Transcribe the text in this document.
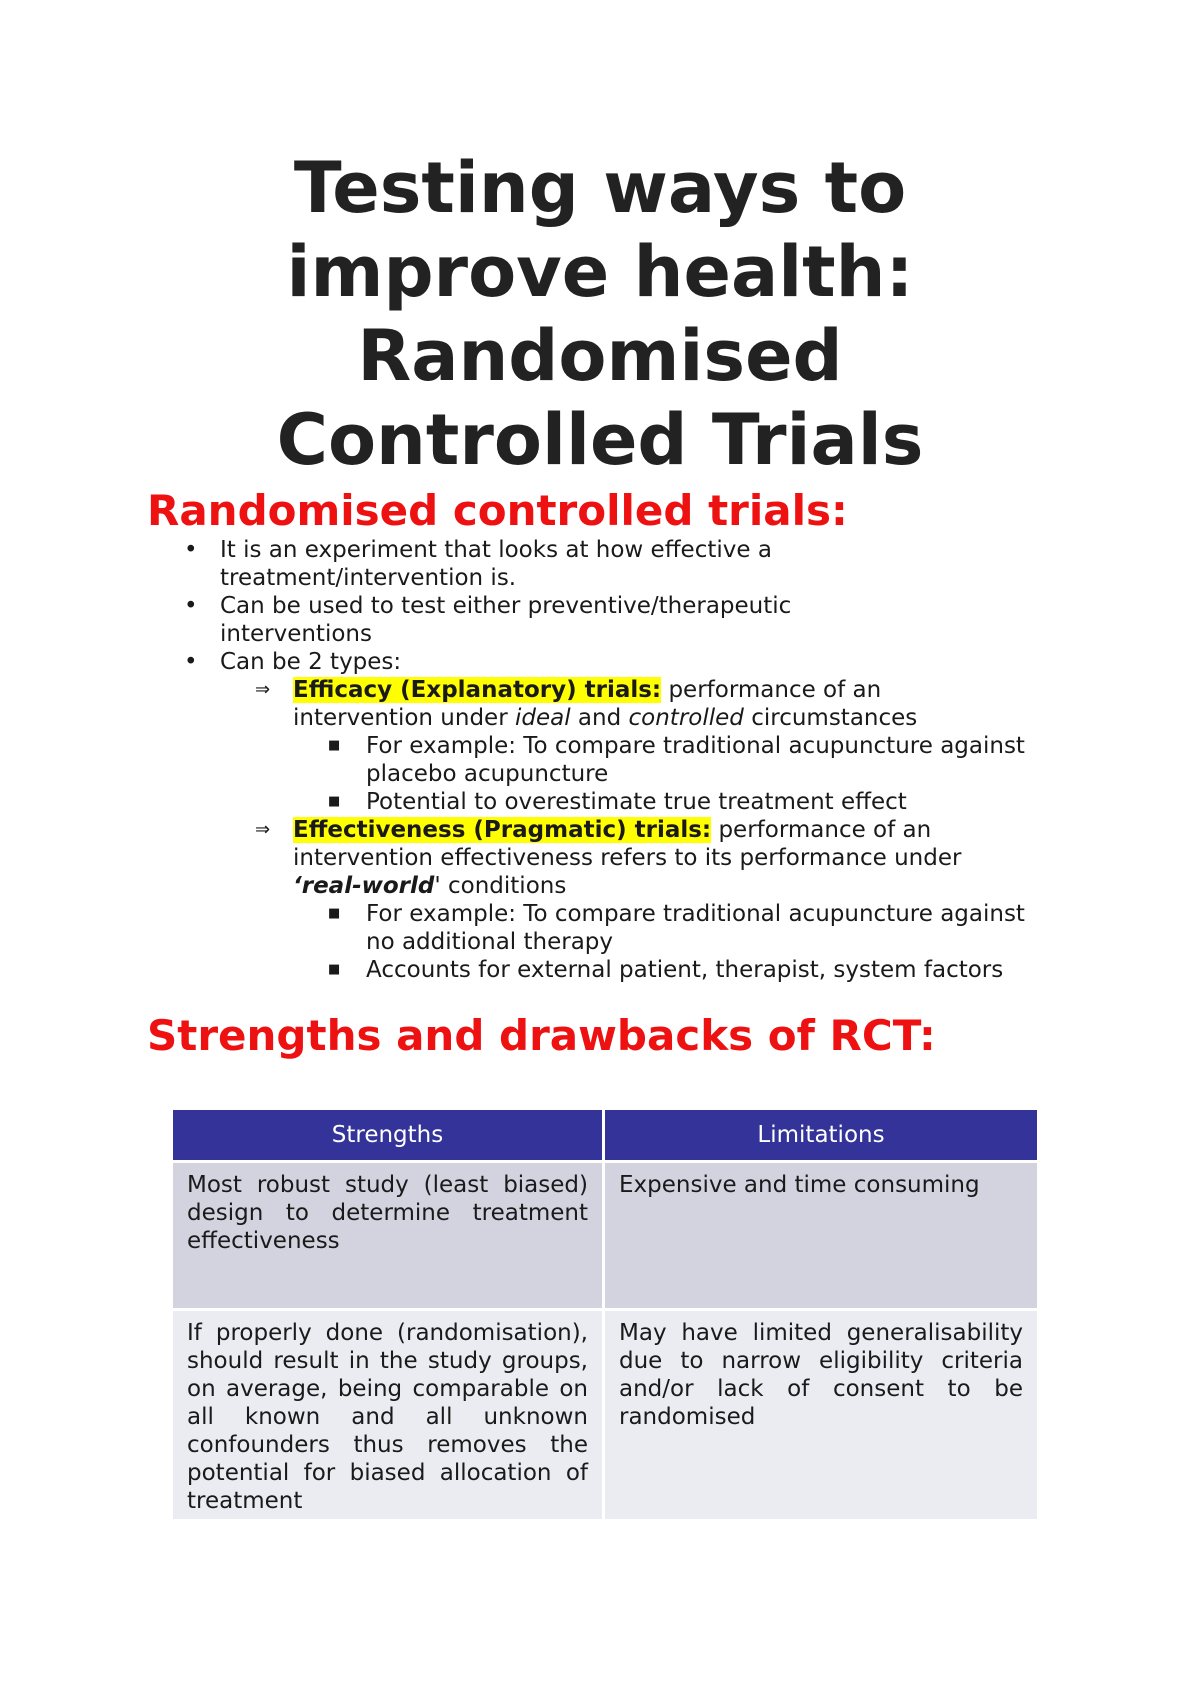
Testing ways to
improve health:
Randomised
Controlled Trials
Randomised controlled trials:
• It is an experiment that looks at how effective a treatment/intervention is.
• Can be used to test either preventive/therapeutic interventions
• Can be 2 types:
⇒ Efficacy (Explanatory) trials: performance of an intervention under ideal and controlled circumstances
■ For example: To compare traditional acupuncture against placebo acupuncture
■ Potential to overestimate true treatment effect
⇒ Effectiveness (Pragmatic) trials: performance of an intervention effectiveness refers to its performance under ‘real-world' conditions
■ For example: To compare traditional acupuncture against no additional therapy
■ Accounts for external patient, therapist, system factors
Strengths and drawbacks of RCT:
Strengths	Limitations

Most robust study (least biased) design to determine treatment effectiveness	Expensive and time consuming

If properly done (randomisation), should result in the study groups, on average, being comparable on all known and all unknown confounders thus removes the potential for biased allocation of treatment	May have limited generalisability due to narrow eligibility criteria and/or lack of consent to be randomised
